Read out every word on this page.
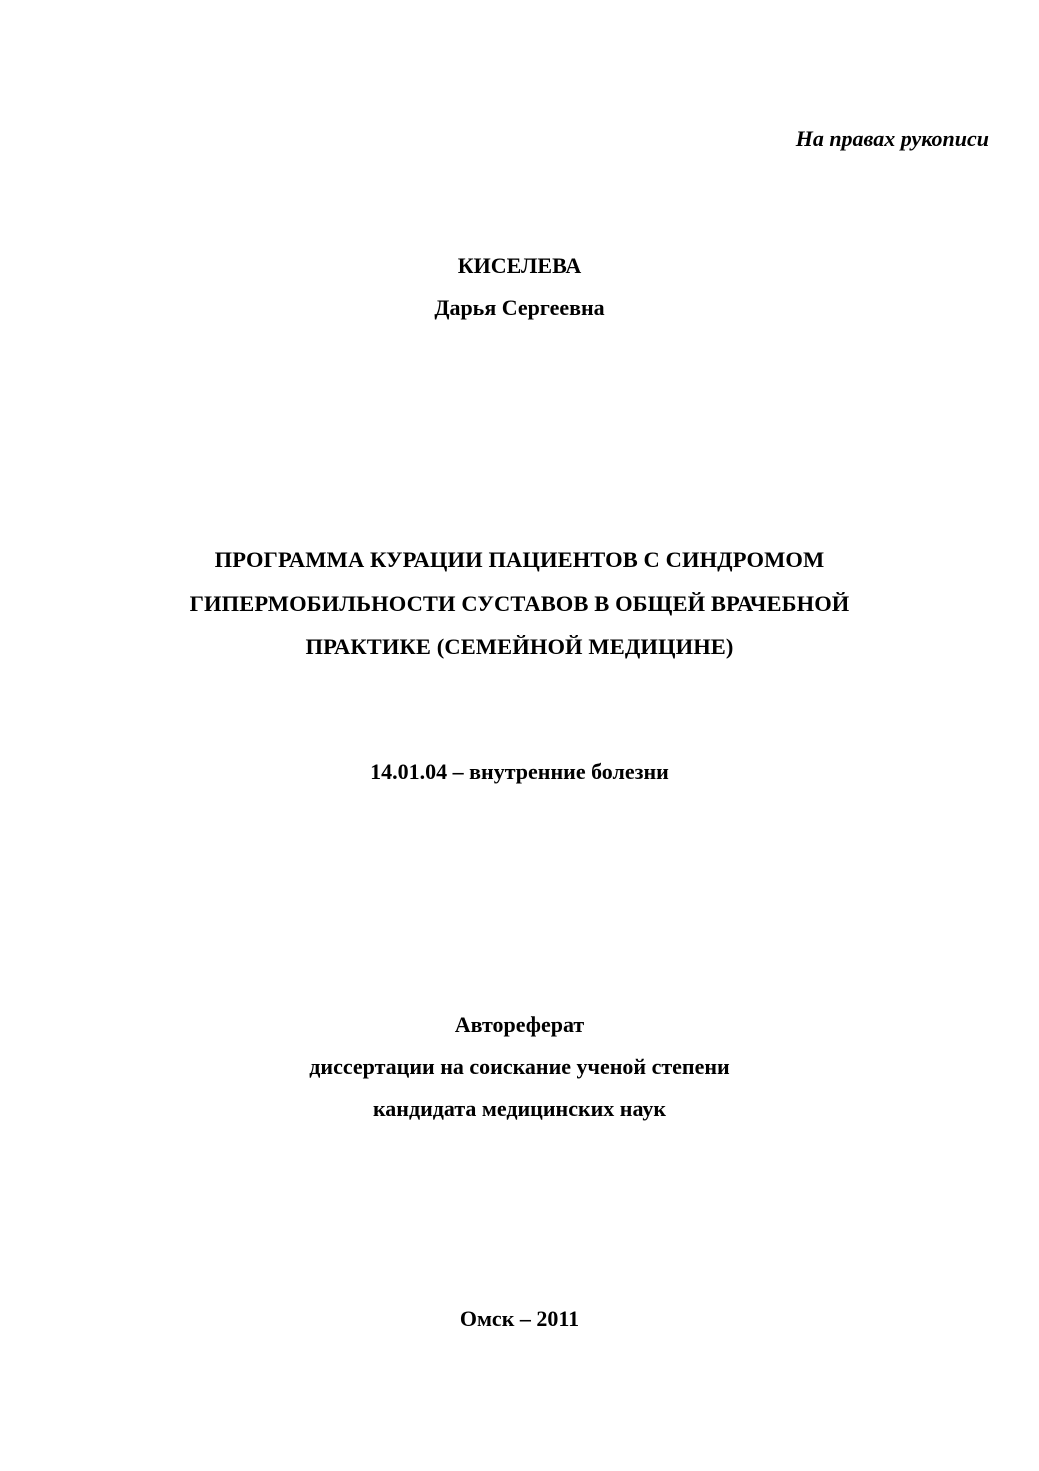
На правах рукописи
КИСЕЛЕВА
Дарья Сергеевна
ПРОГРАММА КУРАЦИИ ПАЦИЕНТОВ С СИНДРОМОМ
ГИПЕРМОБИЛЬНОСТИ СУСТАВОВ В ОБЩЕЙ ВРАЧЕБНОЙ
ПРАКТИКЕ (СЕМЕЙНОЙ МЕДИЦИНЕ)
14.01.04 – внутренние болезни
Автореферат
диссертации на соискание ученой степени
кандидата медицинских наук
Омск – 2011
